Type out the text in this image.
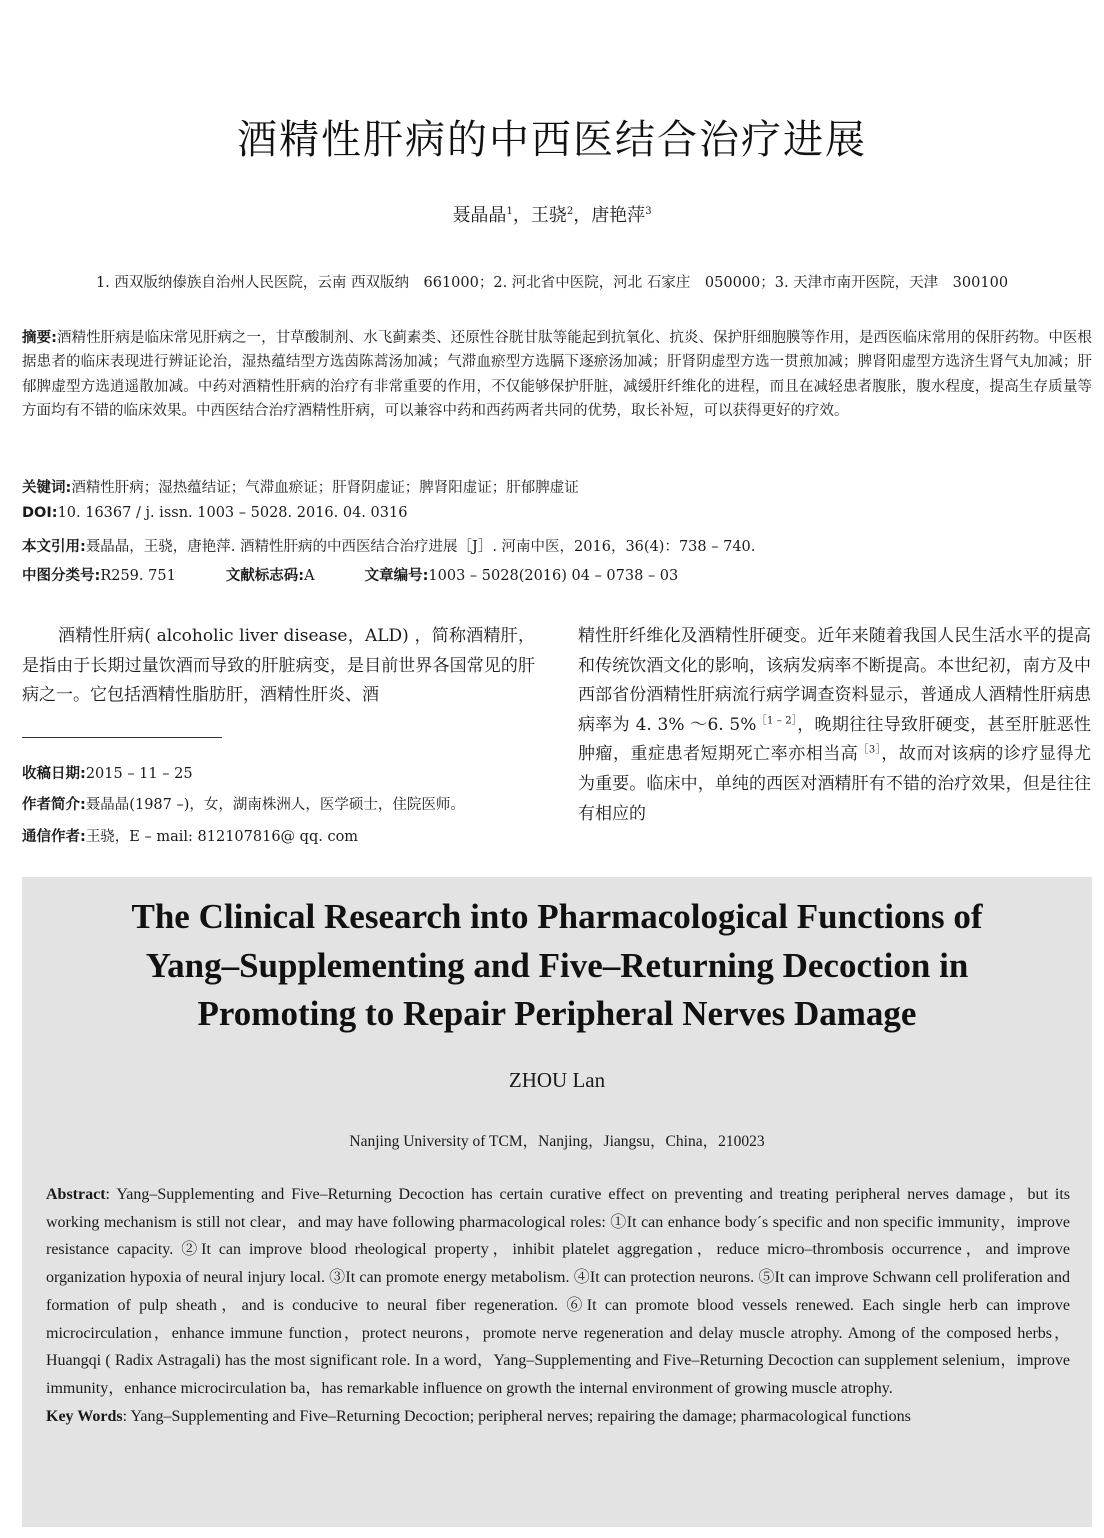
酒精性肝病的中西医结合治疗进展
聂晶晶$^1$，王骁$^2$，唐艳萍$^3$
1. 西双版纳傣族自治州人民医院，云南 西双版纳　661000；2. 河北省中医院，河北 石家庄　050000；3. 天津市南开医院，天津　300100
摘要:酒精性肝病是临床常见肝病之一，甘草酸制剂、水飞蓟素类、还原性谷胱甘肽等能起到抗氧化、抗炎、保护肝细胞膜等作用，是西医临床常用的保肝药物。中医根据患者的临床表现进行辨证论治，湿热蕴结型方选茵陈蒿汤加减；气滞血瘀型方选膈下逐瘀汤加减；肝肾阴虚型方选一贯煎加减；脾肾阳虚型方选济生肾气丸加减；肝郁脾虚型方选逍遥散加减。中药对酒精性肝病的治疗有非常重要的作用，不仅能够保护肝脏，减缓肝纤维化的进程，而且在减轻患者腹胀，腹水程度，提高生存质量等方面均有不错的临床效果。中西医结合治疗酒精性肝病，可以兼容中药和西药两者共同的优势，取长补短，可以获得更好的疗效。
关键词:酒精性肝病；湿热蕴结证；气滞血瘀证；肝肾阴虚证；脾肾阳虚证；肝郁脾虚证
DOI:10. 16367 / j. issn. 1003 – 5028. 2016. 04. 0316
本文引用:聂晶晶，王骁，唐艳萍. 酒精性肝病的中西医结合治疗进展［J］. 河南中医，2016，36(4)：738 – 740.
中图分类号:R259. 751	文献标志码:A	文章编号:1003 – 5028(2016) 04 – 0738 – 03

酒精性肝病( alcoholic liver disease，ALD) ，简称酒精肝，是指由于长期过量饮酒而导致的肝脏病变，是目前世界各国常见的肝病之一。它包括酒精性脂肪肝，酒精性肝炎、酒

收稿日期:2015 – 11 – 25
作者简介:聂晶晶(1987 –)，女，湖南株洲人，医学硕士，住院医师。
通信作者:王骁，E – mail: 812107816@ qq. com

精性肝纤维化及酒精性肝硬变。近年来随着我国人民生活水平的提高和传统饮酒文化的影响，该病发病率不断提高。本世纪初，南方及中西部省份酒精性肝病流行病学调查资料显示，普通成人酒精性肝病患病率为 4. 3% ～6. 5%$^{[1 - 2]}$，晚期往往导致肝硬变，甚至肝脏恶性肿瘤，重症患者短期死亡率亦相当高$^{[3]}$，故而对该病的诊疗显得尤为重要。临床中，单纯的西医对酒精肝有不错的治疗效果，但是往往有相应的

The Clinical Research into Pharmacological Functions of
Yang–Supplementing and Five–Returning Decoction in
Promoting to Repair Peripheral Nerves Damage
ZHOU Lan
Nanjing University of TCM，Nanjing，Jiangsu，China，210023

Abstract: Yang–Supplementing and Five–Returning Decoction has certain curative effect on preventing and treating peripheral nerves damage，but its working mechanism is still not clear，and may have following pharmacological roles: ①It can enhance body´s specific and non specific immunity，improve resistance capacity. ②It can improve blood rheological property，inhibit platelet aggregation，reduce micro–thrombosis occurrence，and improve organization hypoxia of neural injury local. ③It can promote energy metabolism. ④It can protection neurons. ⑤It can improve Schwann cell proliferation and formation of pulp sheath，and is conducive to neural fiber regeneration. ⑥It can promote blood vessels renewed. Each single herb can improve microcirculation，enhance immune function，protect neurons，promote nerve regeneration and delay muscle atrophy. Among of the composed herbs，Huangqi ( Radix Astragali) has the most significant role. In a word，Yang–Supplementing and Five–Returning Decoction can supplement selenium，improve immunity，enhance microcirculation ba，has remarkable influence on growth the internal environment of growing muscle atrophy.

Key Words: Yang–Supplementing and Five–Returning Decoction; peripheral nerves; repairing the damage; pharmacological functions
